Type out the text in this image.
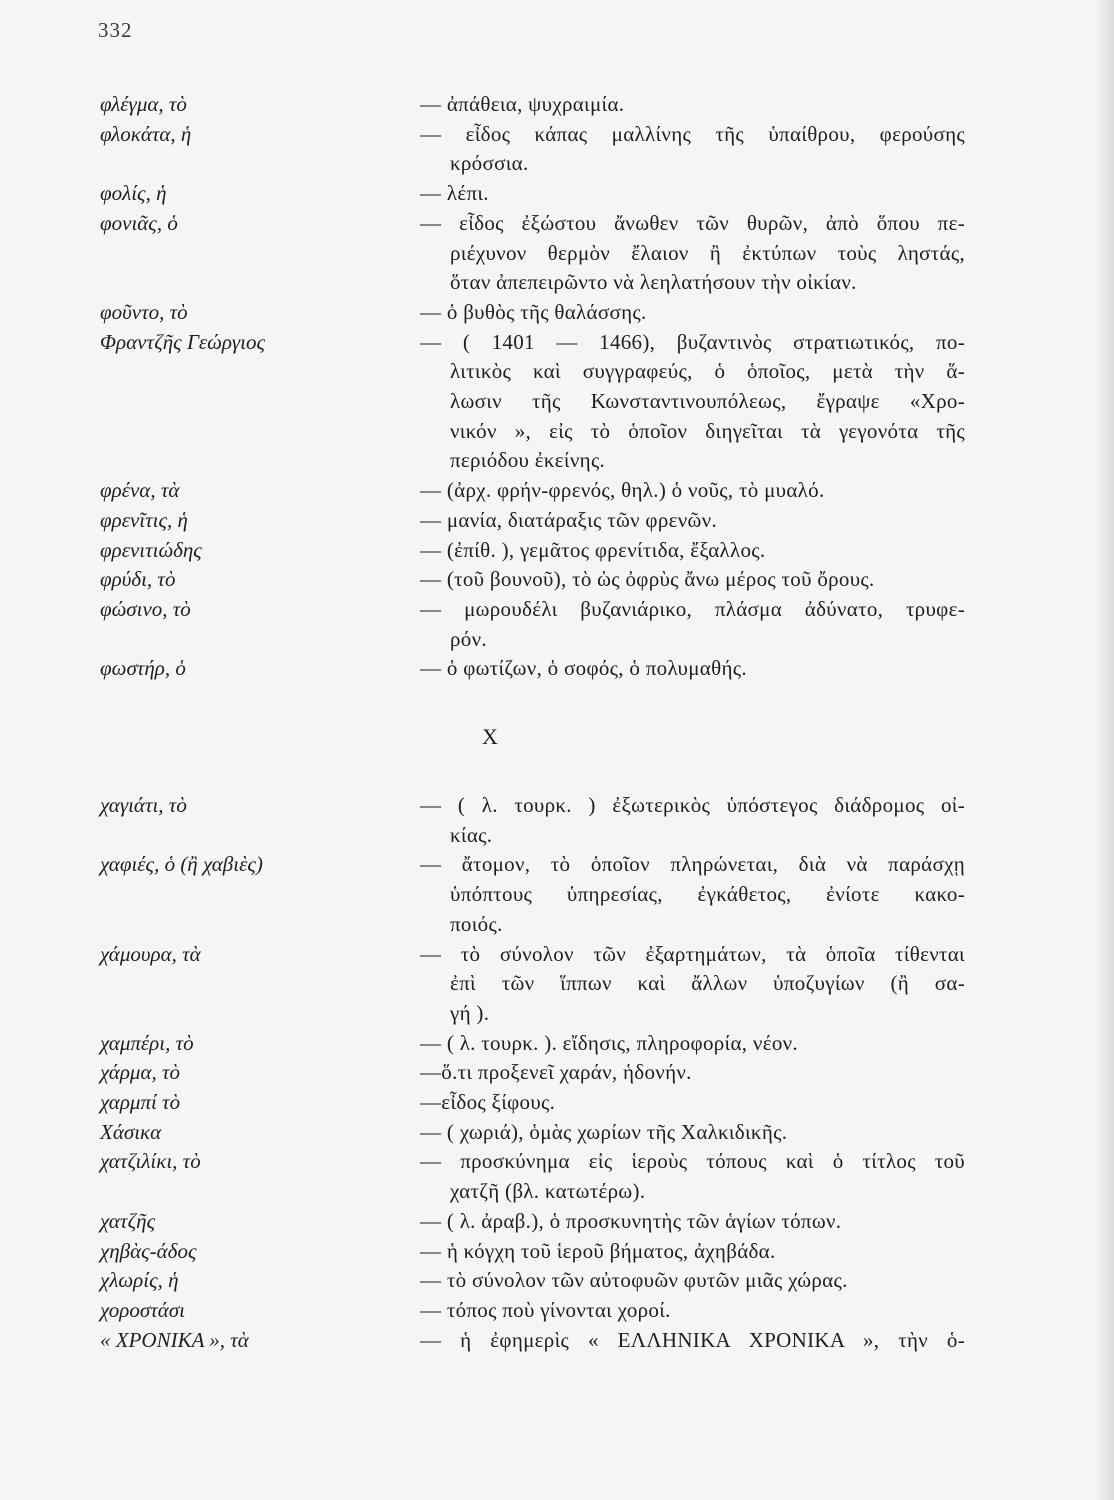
332
φλέγμα, τὸ	— ἀπάθεια, ψυχραιμία.
φλοκάτα, ἡ	— εἶδος κάπας μαλλίνης τῆς ὑπαίθρου, φερούσης
κρόσσια.
φολίς, ἡ	— λέπι.
φονιᾶς, ὁ	— εἶδος ἐξώστου ἄνωθεν τῶν θυρῶν, ἀπὸ ὅπου πε-
ριέχυνον θερμὸν ἔλαιον ἢ ἐκτύπων τοὺς ληστάς,
ὅταν ἀπεπειρῶντο νὰ λεηλατήσουν τὴν οἰκίαν.
φοῦντο, τὸ	— ὁ βυθὸς τῆς θαλάσσης.
Φραντζῆς Γεώργιος	— ( 1401 — 1466), βυζαντινὸς στρατιωτικός, πο-
λιτικὸς καὶ συγγραφεύς, ὁ ὁποῖος, μετὰ τὴν ἅ-
λωσιν τῆς Κωνσταντινουπόλεως, ἔγραψε «Χρο-
νικόν », εἰς τὸ ὁποῖον διηγεῖται τὰ γεγονότα τῆς
περιόδου ἐκείνης.
φρένα, τὰ	— (ἀρχ. φρήν-φρενός, θηλ.) ὁ νοῦς, τὸ μυαλό.
φρενῖτις, ἡ	— μανία, διατάραξις τῶν φρενῶν.
φρενιτιώδης	— (ἐπίθ. ), γεμᾶτος φρενίτιδα, ἔξαλλος.
φρύδι, τὸ	— (τοῦ βουνοῦ), τὸ ὡς ὀφρὺς ἄνω μέρος τοῦ ὄρους.
φώσινο, τὸ	— μωρουδέλι βυζανιάρικο, πλάσμα ἀδύνατο, τρυφε-
ρόν.
φωστήρ, ὁ	— ὁ φωτίζων, ὁ σοφός, ὁ πολυμαθής.
Χ
χαγιάτι, τὸ	— ( λ. τουρκ. ) ἐξωτερικὸς ὑπόστεγος διάδρομος οἰ-
κίας.
χαφιές, ὁ (ἢ χαβιὲς)	— ἄτομον, τὸ ὁποῖον πληρώνεται, διὰ νὰ παράσχῃ
ὑπόπτους ὑπηρεσίας, ἐγκάθετος, ἐνίοτε κακο-
ποιός.
χάμουρα, τὰ	— τὸ σύνολον τῶν ἐξαρτημάτων, τὰ ὁποῖα τίθενται
ἐπὶ τῶν ἵππων καὶ ἄλλων ὑποζυγίων (ἢ σα-
γή ).
χαμπέρι, τὸ	— ( λ. τουρκ. ). εἴδησις, πληροφορία, νέον.
χάρμα, τὸ	—ὅ.τι προξενεῖ χαράν, ἡδονήν.
χαρμπί τὸ	—εἶδος ξίφους.
Χάσικα	— ( χωριά), ὁμὰς χωρίων τῆς Χαλκιδικῆς.
χατζιλίκι, τὸ	— προσκύνημα εἰς ἱεροὺς τόπους καὶ ὁ τίτλος τοῦ
χατζῆ (βλ. κατωτέρω).
χατζῆς	— ( λ. ἀραβ.), ὁ προσκυνητὴς τῶν ἁγίων τόπων.
χηβὰς-άδος	— ἡ κόγχη τοῦ ἱεροῦ βήματος, ἀχηβάδα.
χλωρίς, ἡ	— τὸ σύνολον τῶν αὐτοφυῶν φυτῶν μιᾶς χώρας.
χοροστάσι	— τόπος ποὺ γίνονται χοροί.
« ΧΡΟΝΙΚΑ », τὰ	— ἡ ἐφημερὶς « ΕΛΛΗΝΙΚΑ ΧΡΟΝΙΚΑ », τὴν ὁ-
